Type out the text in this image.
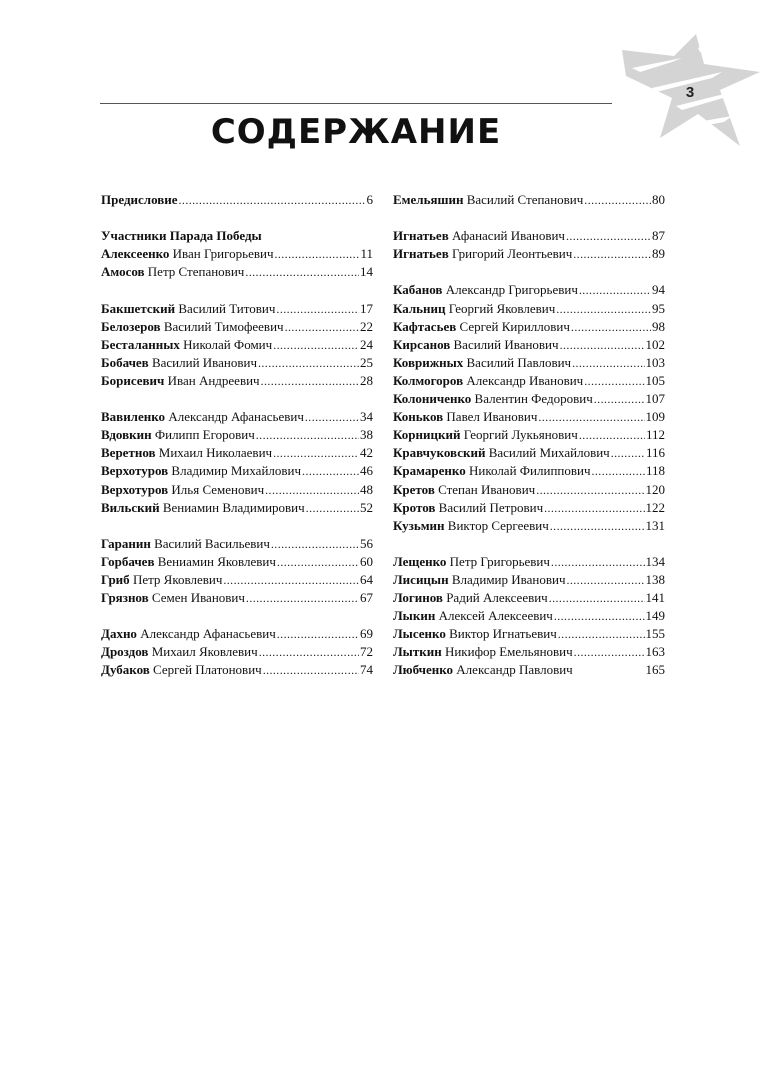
3
СОДЕРЖАНИЕ
Предисловие .....	6
Участники Парада Победы
Алексеенко Иван Григорьевич .....	11
Амосов Петр Степанович .....	14
Бакшетский Василий Титович .....	17
Белозеров Василий Тимофеевич .....	22
Бесталанных Николай Фомич .....	24
Бобачев Василий Иванович .....	25
Борисевич Иван Андреевич .....	28
Вавиленко Александр Афанасьевич .....	34
Вдовкин Филипп Егорович .....	38
Веретнов Михаил Николаевич .....	42
Верхотуров Владимир Михайлович .....	46
Верхотуров Илья Семенович .....	48
Вильский Вениамин Владимирович .....	52
Гаранин Василий Васильевич .....	56
Горбачев Вениамин Яковлевич .....	60
Гриб Петр Яковлевич .....	64
Грязнов Семен Иванович .....	67
Дахно Александр Афанасьевич .....	69
Дроздов Михаил Яковлевич .....	72
Дубаков Сергей Платонович .....	74
Емельяшин Василий Степанович .....	80
Игнатьев Афанасий Иванович .....	87
Игнатьев Григорий Леонтьевич .....	89
Кабанов Александр Григорьевич .....	94
Кальниц Георгий Яковлевич .....	95
Кафтасьев Сергей Кириллович .....	98
Кирсанов Василий Иванович .....	102
Коврижных Василий Павлович .....	103
Колмогоров Александр Иванович .....	105
Колониченко Валентин Федорович .....	107
Коньков Павел Иванович .....	109
Корницкий Георгий Лукьянович .....	112
Кравчуковский Василий Михайлович .....	116
Крамаренко Николай Филиппович .....	118
Кретов Степан Иванович .....	120
Кротов Василий Петрович .....	122
Кузьмин Виктор Сергеевич .....	131
Лещенко Петр Григорьевич .....	134
Лисицын Владимир Иванович .....	138
Логинов Радий Алексеевич .....	141
Лыкин Алексей Алексеевич .....	149
Лысенко Виктор Игнатьевич .....	155
Лыткин Никифор Емельянович .....	163
Любченко Александр Павлович	165
